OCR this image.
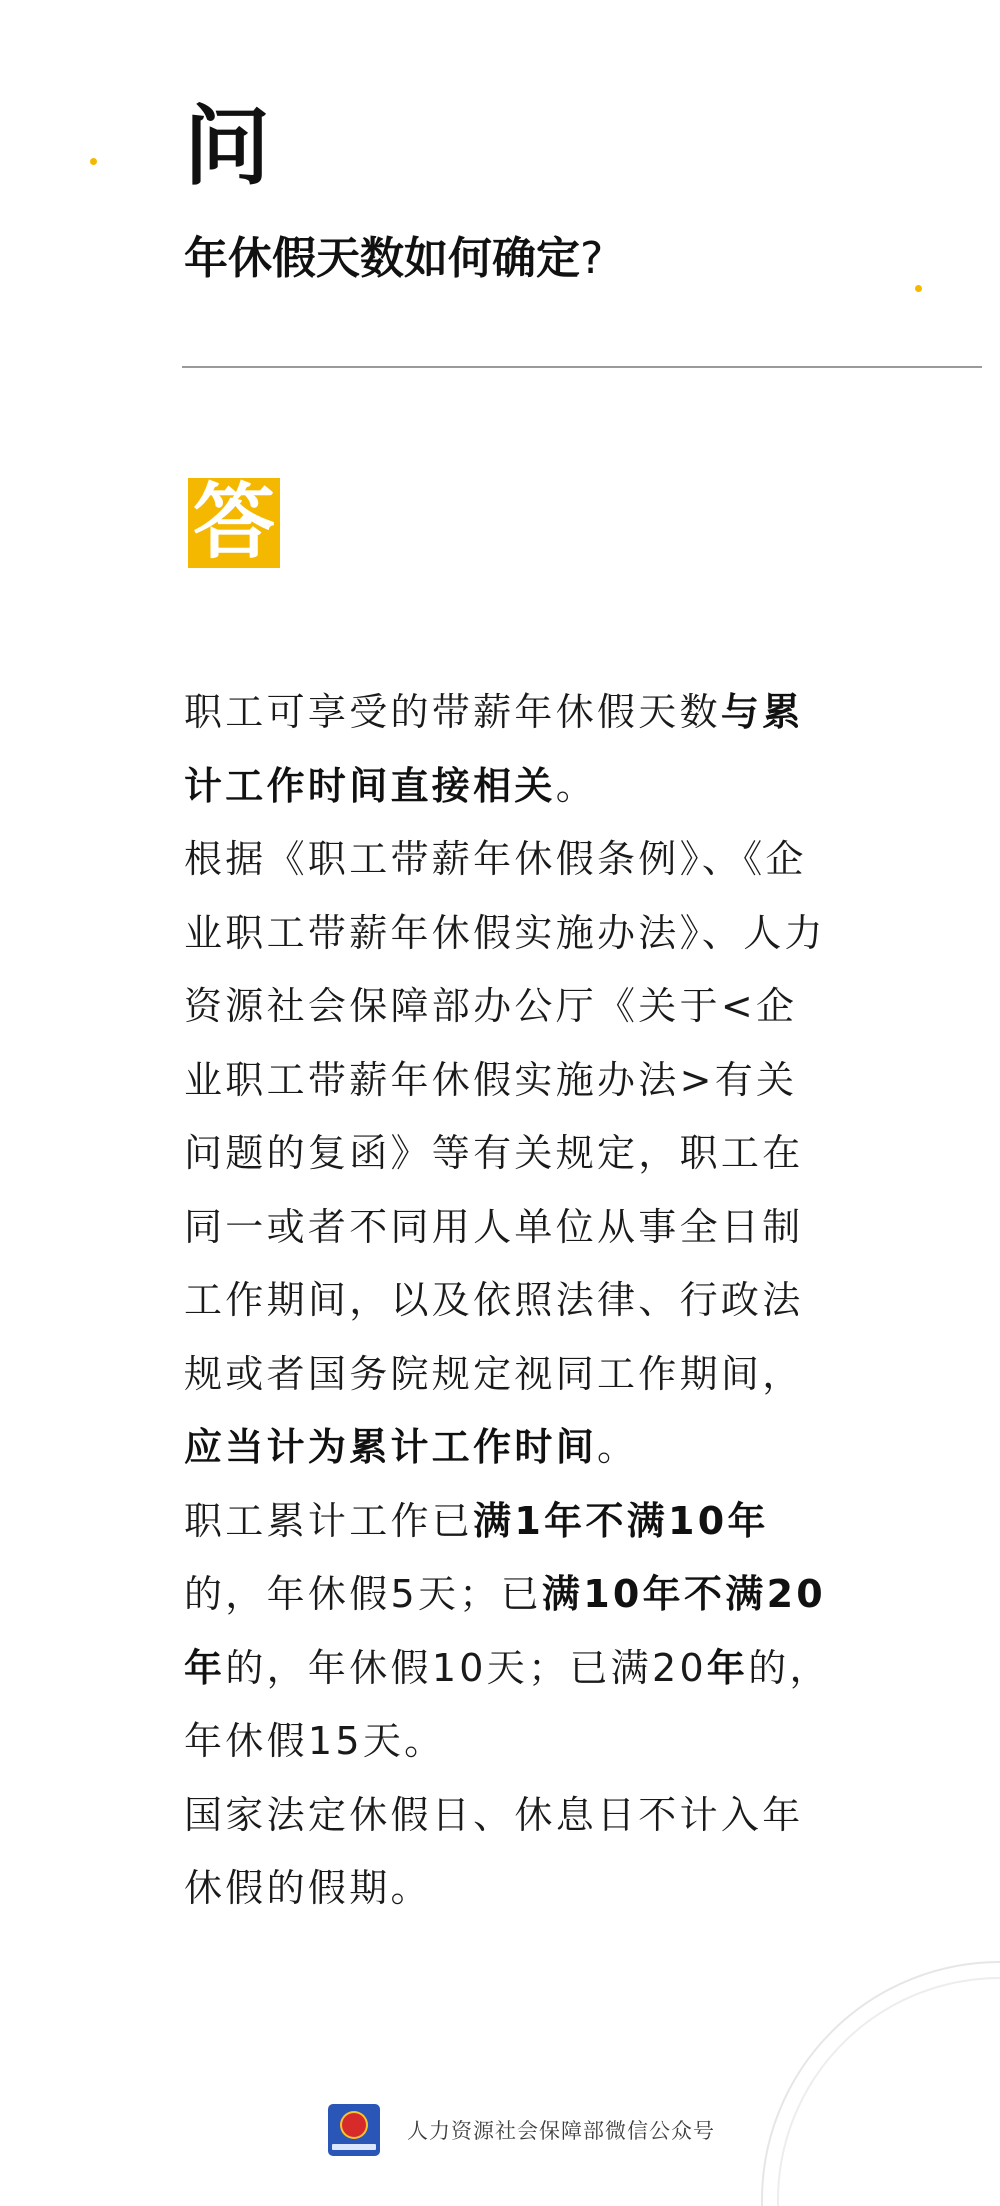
问
年休假天数如何确定?
答

职工可享受的带薪年休假天数与累计工作时间直接相关。

根据《职工带薪年休假条例》、《企业职工带薪年休假实施办法》、人力资源社会保障部办公厅《关于<企业职工带薪年休假实施办法>有关问题的复函》等有关规定，职工在同一或者不同用人单位从事全日制工作期间，以及依照法律、行政法规或者国务院规定视同工作期间，应当计为累计工作时间。

职工累计工作已满1年不满10年的，年休假5天；已满10年不满20年的，年休假10天；已满20年的，年休假15天。

国家法定休假日、休息日不计入年休假的假期。

人力资源社会保障部微信公众号
